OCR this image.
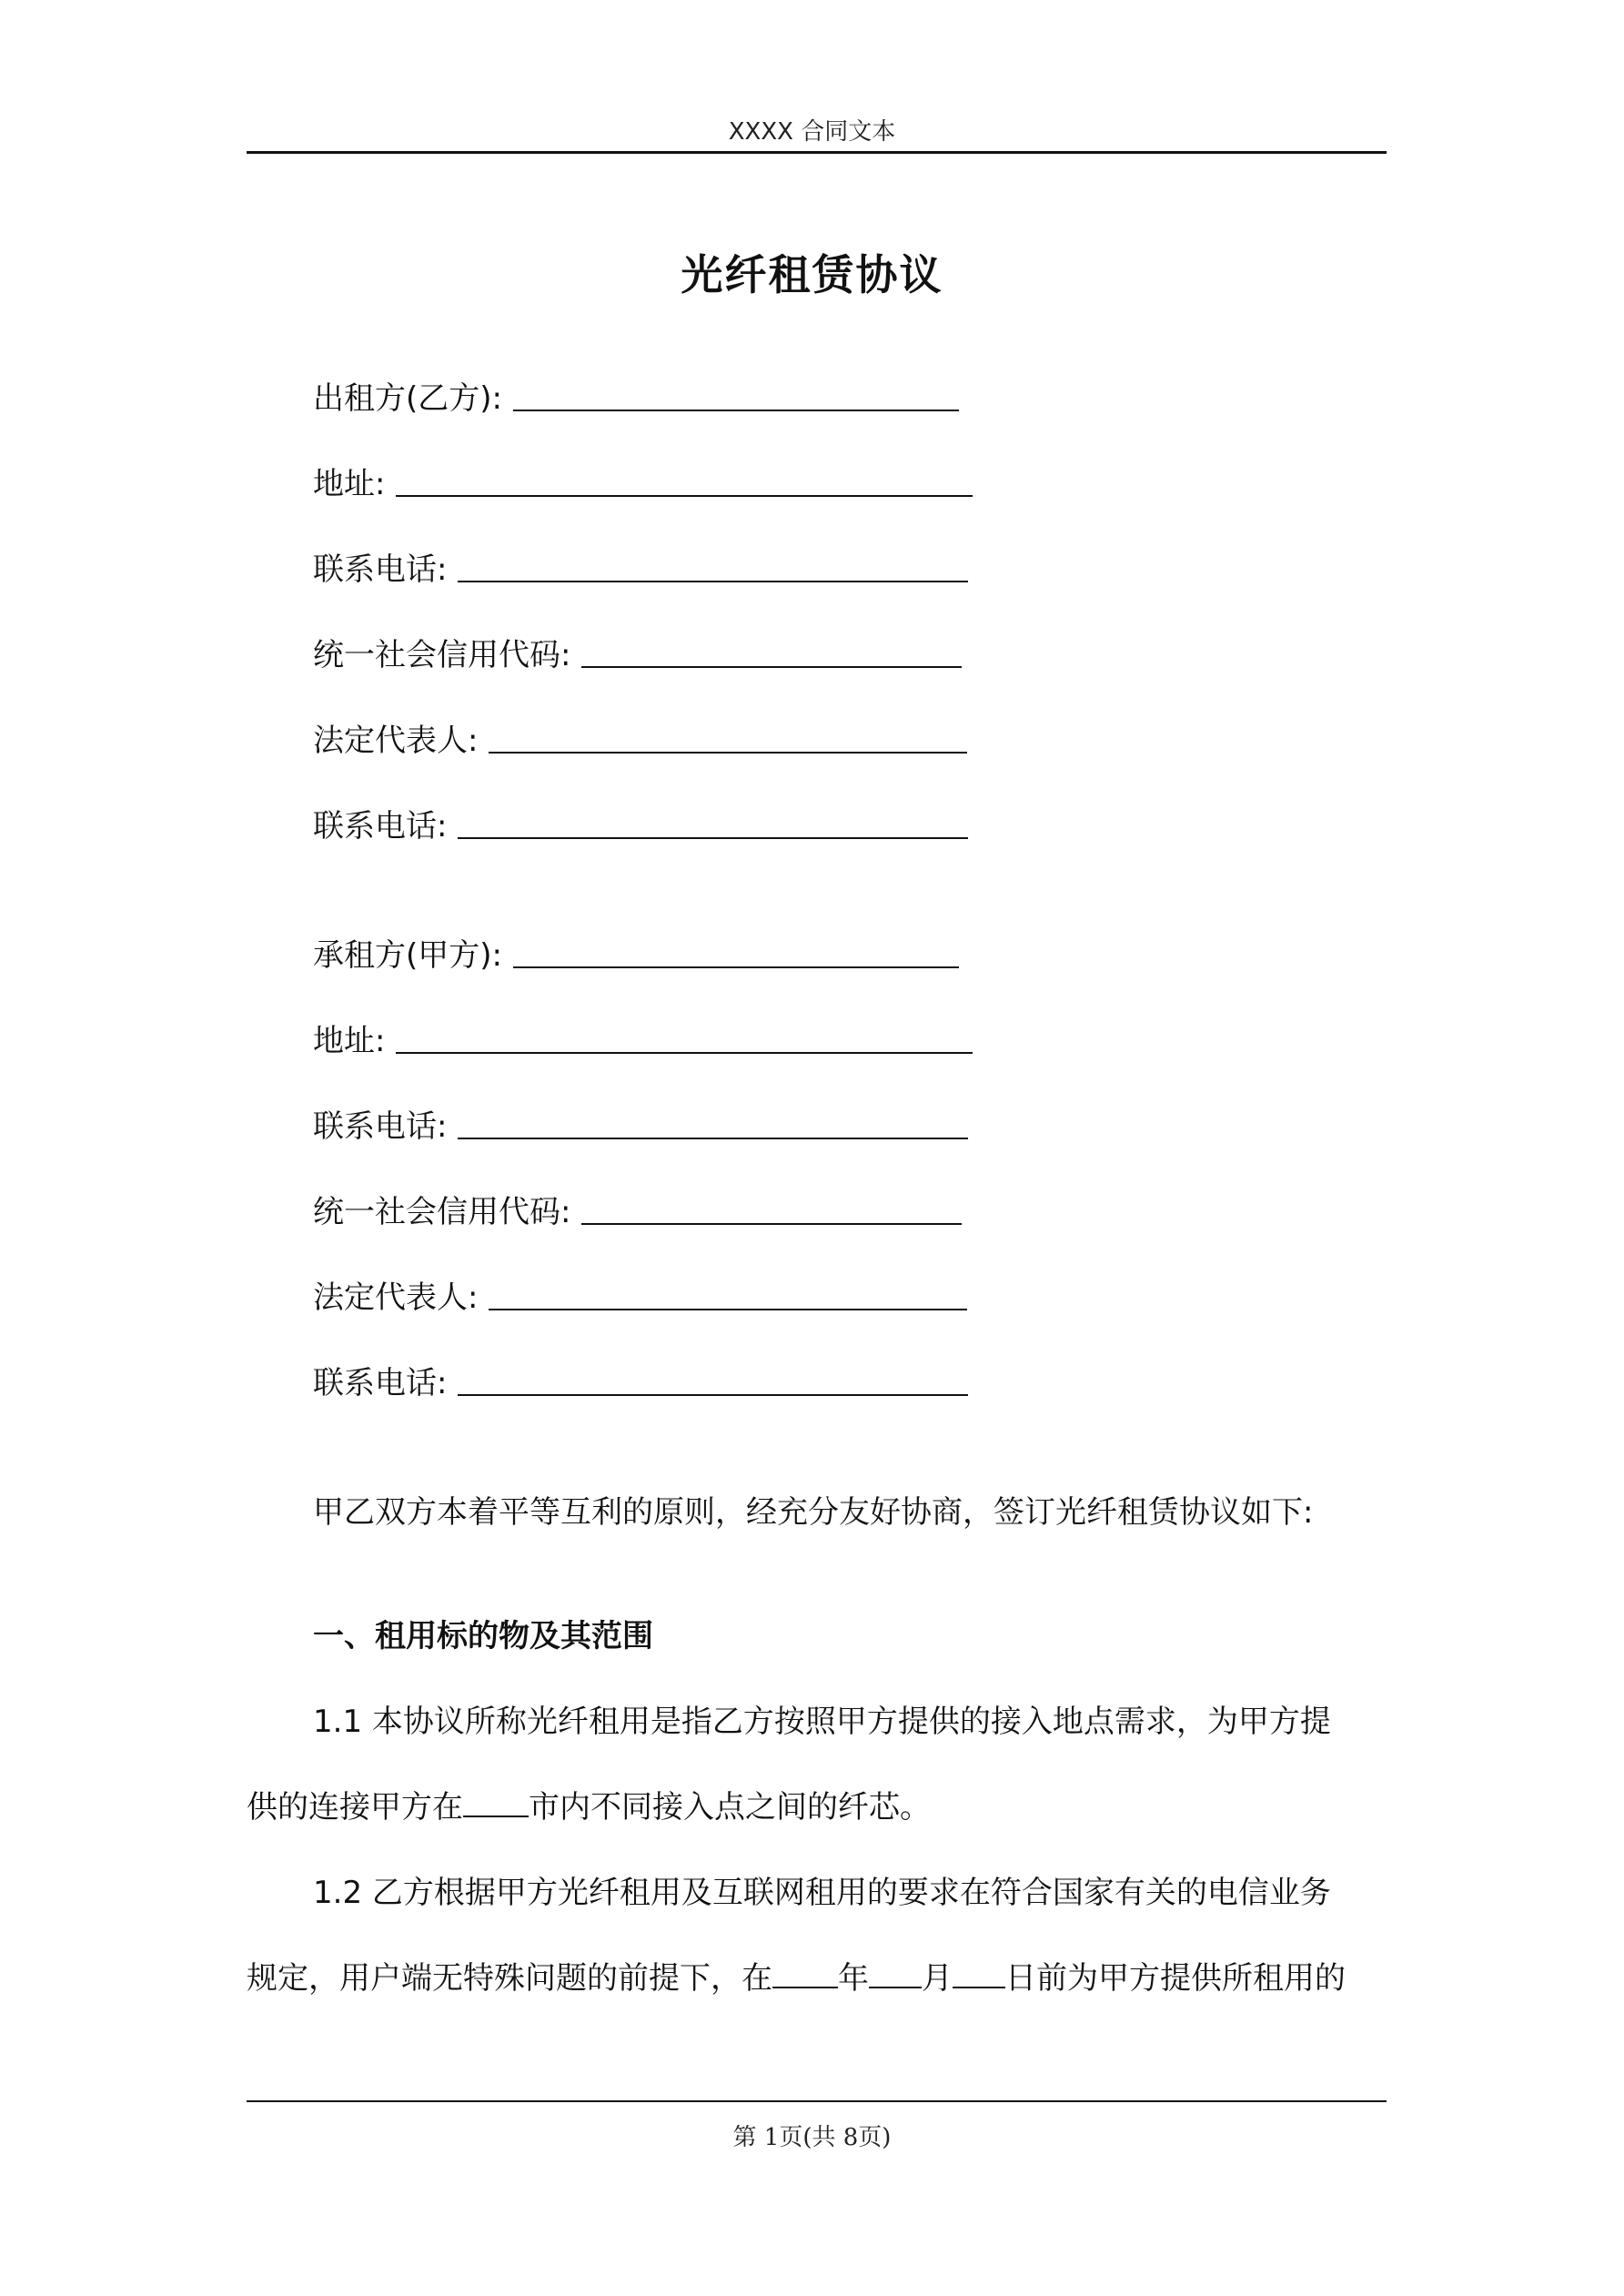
XXXX 合同文本
光纤租赁协议
出租方(乙方):
地址:
联系电话:
统一社会信用代码:
法定代表人:
联系电话:
承租方(甲方):
地址:
联系电话:
统一社会信用代码:
法定代表人:
联系电话:
甲乙双方本着平等互利的原则，经充分友好协商，签订光纤租赁协议如下:
一、租用标的物及其范围
1.1 本协议所称光纤租用是指乙方按照甲方提供的接入地点需求，为甲方提
供的连接甲方在 市内不同接入点之间的纤芯。
1.2 乙方根据甲方光纤租用及互联网租用的要求在符合国家有关的电信业务
规定，用户端无特殊问题的前提下，在 年 月 日前为甲方提供所租用的
第 1页(共 8页)
